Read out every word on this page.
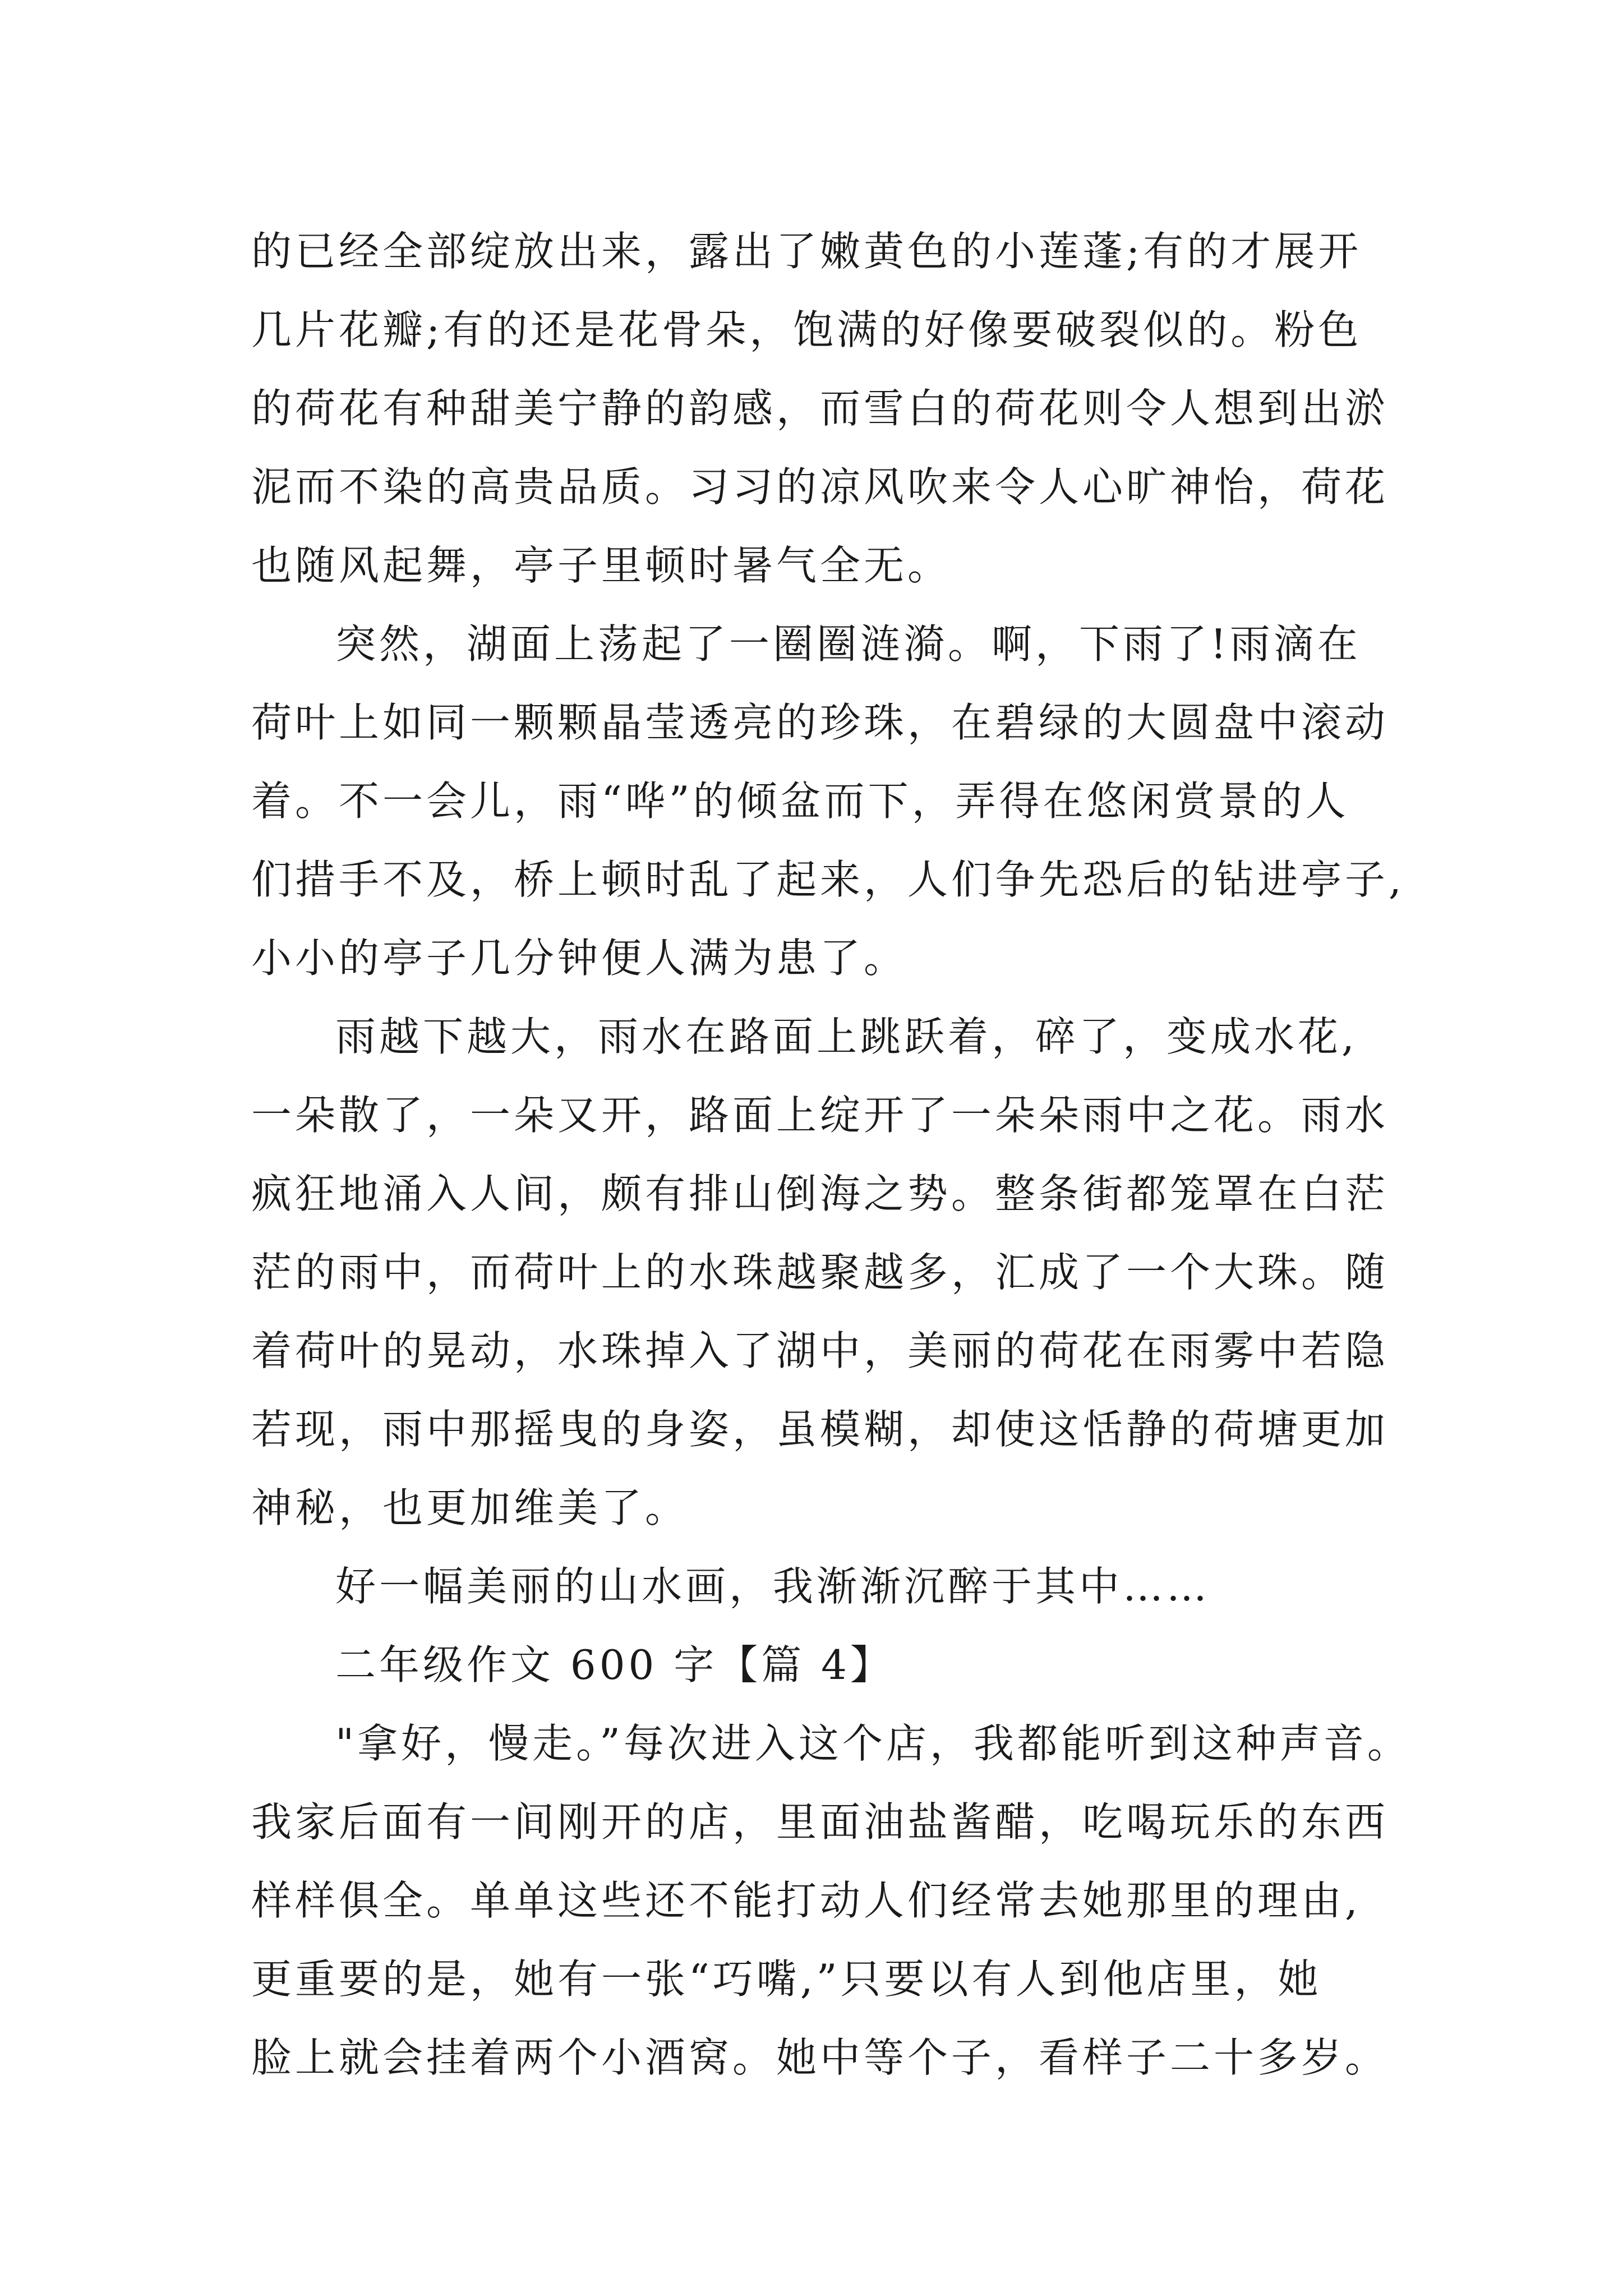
的已经全部绽放出来，露出了嫩黄色的小莲蓬;有的才展开
几片花瓣;有的还是花骨朵，饱满的好像要破裂似的。粉色
的荷花有种甜美宁静的韵感，而雪白的荷花则令人想到出淤
泥而不染的高贵品质。习习的凉风吹来令人心旷神怡，荷花
也随风起舞，亭子里顿时暑气全无。
突然，湖面上荡起了一圈圈涟漪。啊，下雨了!雨滴在
荷叶上如同一颗颗晶莹透亮的珍珠，在碧绿的大圆盘中滚动
着。不一会儿，雨“哗”的倾盆而下，弄得在悠闲赏景的人
们措手不及，桥上顿时乱了起来，人们争先恐后的钻进亭子,
小小的亭子几分钟便人满为患了。
雨越下越大，雨水在路面上跳跃着，碎了，变成水花,
一朵散了，一朵又开，路面上绽开了一朵朵雨中之花。雨水
疯狂地涌入人间，颇有排山倒海之势。整条街都笼罩在白茫
茫的雨中，而荷叶上的水珠越聚越多，汇成了一个大珠。随
着荷叶的晃动，水珠掉入了湖中，美丽的荷花在雨雾中若隐
若现，雨中那摇曳的身姿，虽模糊，却使这恬静的荷塘更加
神秘，也更加维美了。
好一幅美丽的山水画，我渐渐沉醉于其中……
二年级作文 600 字【篇 4】
"拿好，慢走。”每次进入这个店，我都能听到这种声音。
我家后面有一间刚开的店，里面油盐酱醋，吃喝玩乐的东西
样样俱全。单单这些还不能打动人们经常去她那里的理由,
更重要的是，她有一张“巧嘴,”只要以有人到他店里，她
脸上就会挂着两个小酒窝。她中等个子，看样子二十多岁。
